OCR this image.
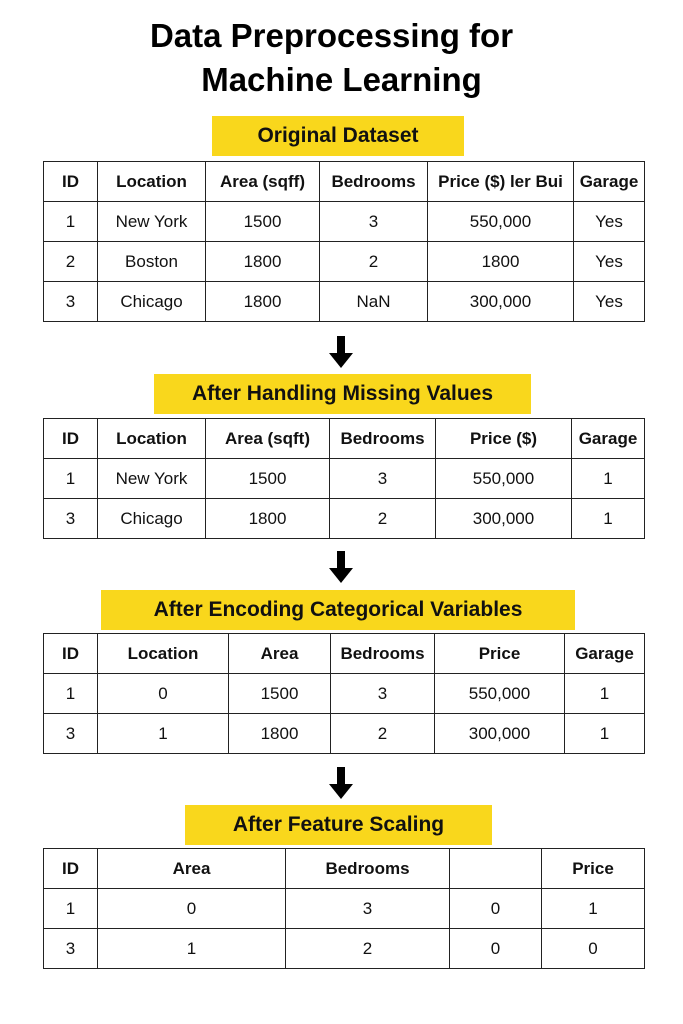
Data Preprocessing for
Machine Learning
Original Dataset
ID	Location	Area (sqff)	Bedrooms	Price ($) ler Bui	Garage
1	New York	1500	3	550,000	Yes
2	Boston	1800	2	1800	Yes
3	Chicago	1800	NaN	300,000	Yes
After Handling Missing Values
ID	Location	Area (sqft)	Bedrooms	Price ($)	Garage
1	New York	1500	3	550,000	1
3	Chicago	1800	2	300,000	1
After Encoding Categorical Variables
ID	Location	Area	Bedrooms	Price	Garage
1	0	1500	3	550,000	1
3	1	1800	2	300,000	1
After Feature Scaling
ID	Area	Bedrooms		Price
1	0	3	0	1
3	1	2	0	0
